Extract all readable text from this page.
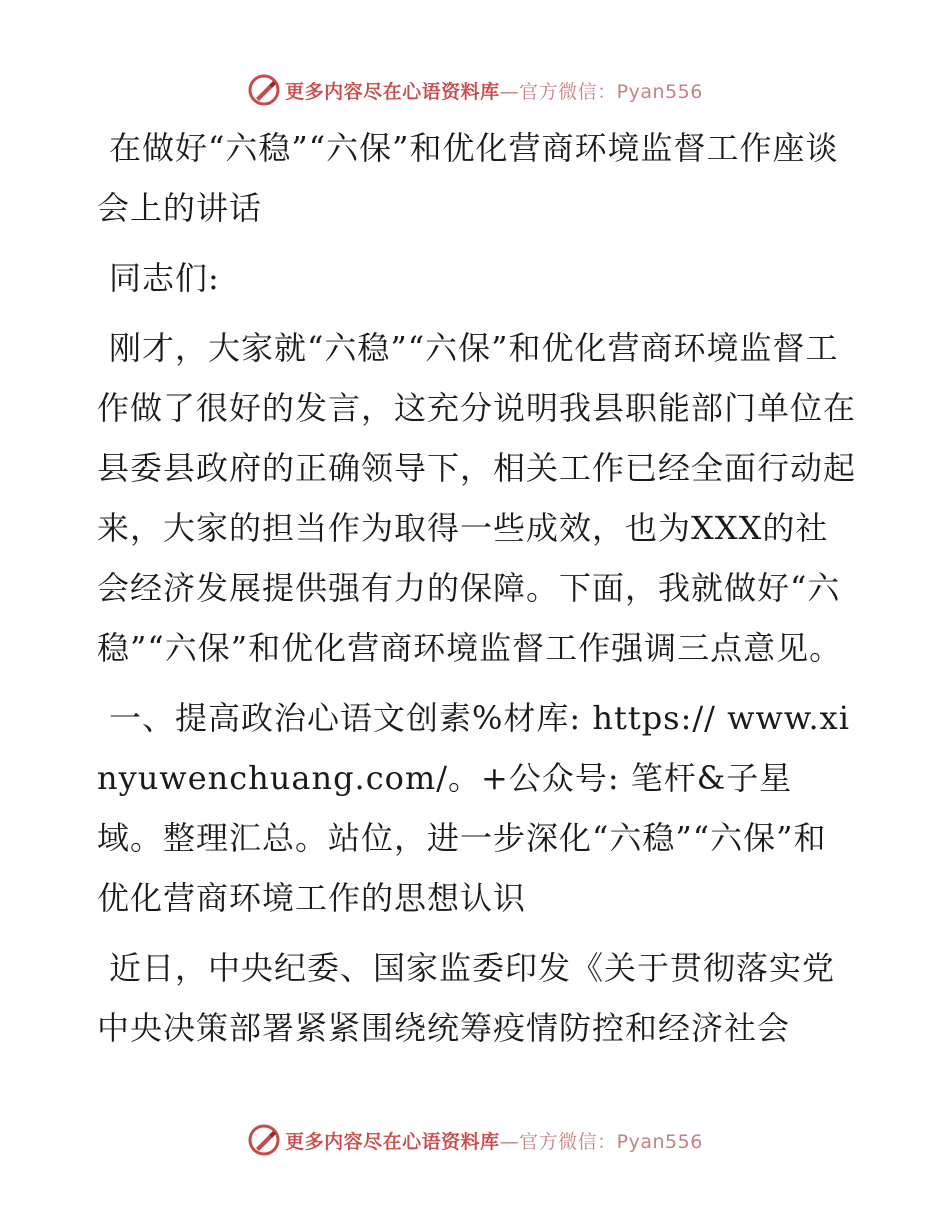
更多内容尽在心语资料库—官方微信：Pyan556

在做好“六稳”“六保”和优化营商环境监督工作座谈会上的讲话

同志们:

刚才，大家就“六稳”“六保”和优化营商环境监督工作做了很好的发言，这充分说明我县职能部门单位在县委县政府的正确领导下，相关工作已经全面行动起来，大家的担当作为取得一些成效，也为XXX的社会经济发展提供强有力的保障。下面，我就做好“六稳”“六保”和优化营商环境监督工作强调三点意见。

一、提高政治心语文创素%材库: https:// www.xinyuwenchuang.com/。+公众号: 笔杆&子星域。整理汇总。站位，进一步深化“六稳”“六保”和优化营商环境工作的思想认识

近日，中央纪委、国家监委印发《关于贯彻落实党中央决策部署紧紧围绕统筹疫情防控和经济社会

更多内容尽在心语资料库—官方微信：Pyan556
